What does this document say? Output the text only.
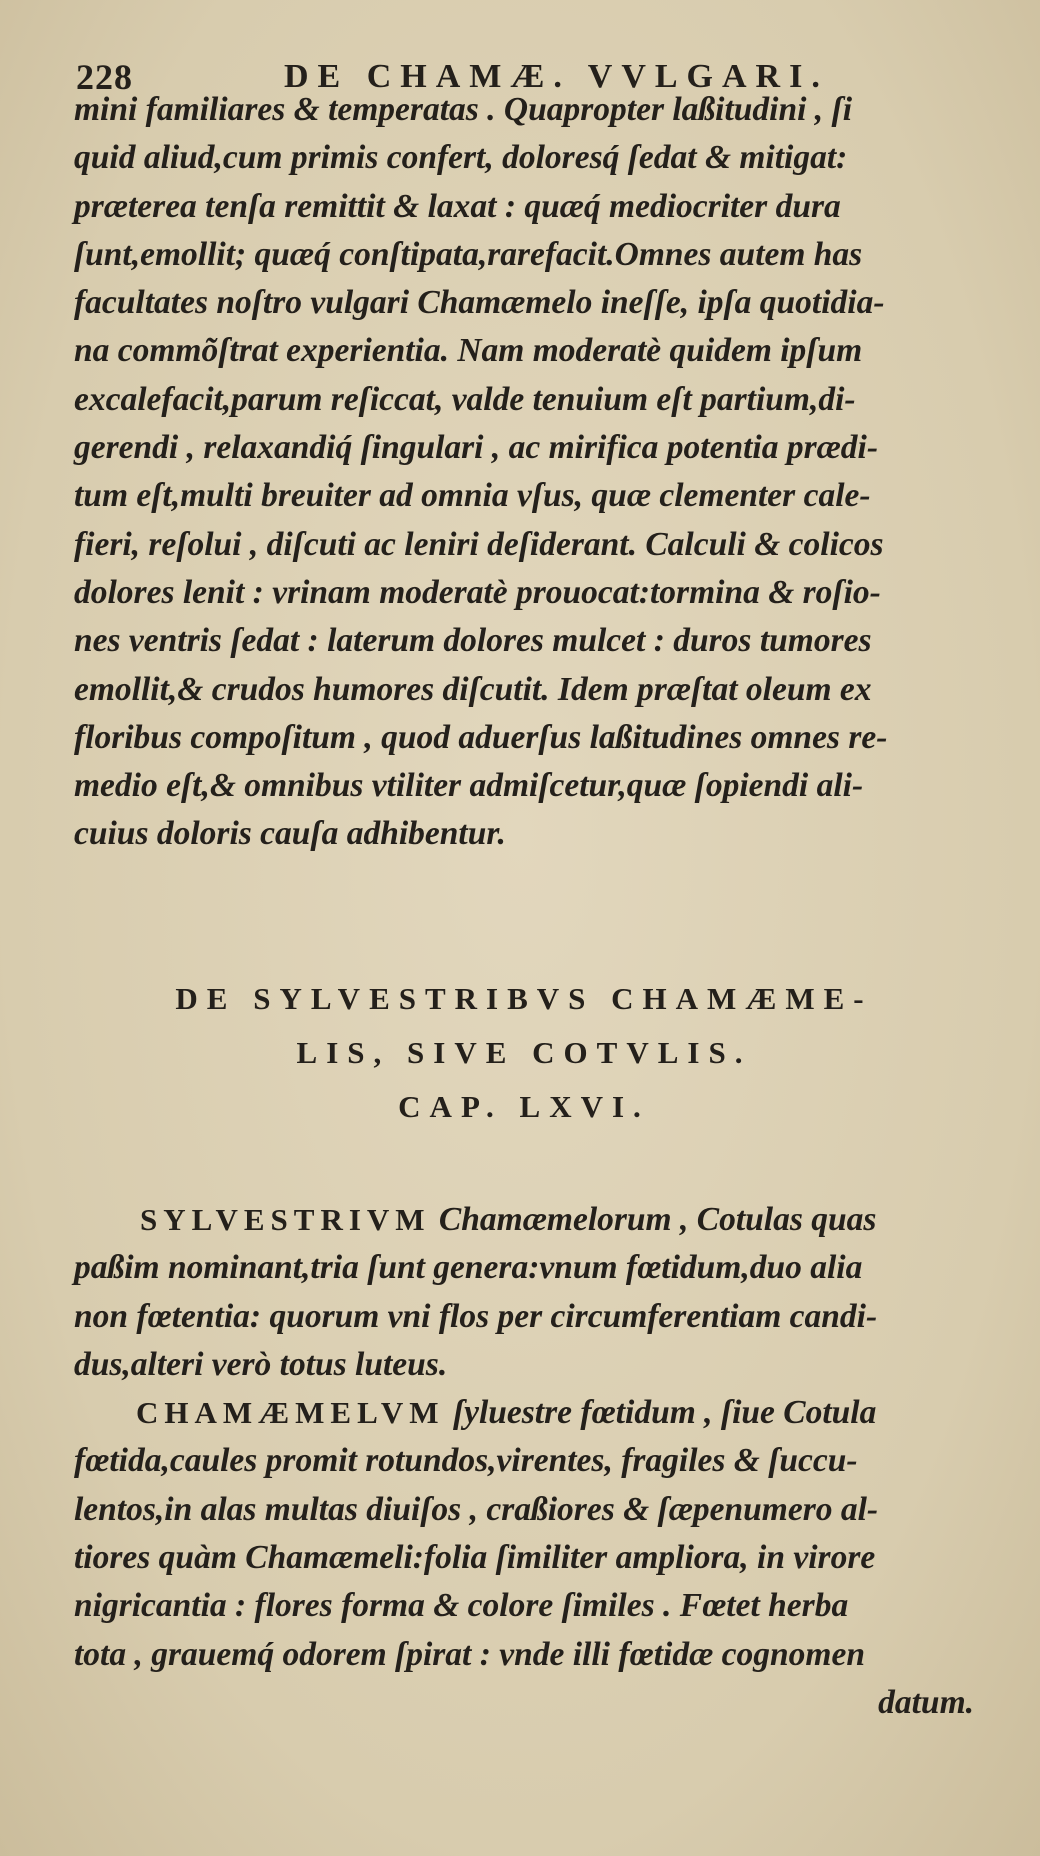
228	DE CHAMÆ. VVLGARI.
mini familiares & temperatas . Quapropter laßitudini , ſi
quid aliud,cum primis confert, doloresq́ ſedat & mitigat:
præterea tenſa remittit & laxat : quæq́ mediocriter dura
ſunt,emollit; quæq́ conſtipata,rarefacit.Omnes autem has
facultates noſtro vulgari Chamæmelo ineſſe, ipſa quotidia-
na commõſtrat experientia. Nam moderatè quidem ipſum
excalefacit,parum reſiccat, valde tenuium eſt partium,di-
gerendi , relaxandiq́ ſingulari , ac mirifica potentia prædi-
tum eſt,multi breuiter ad omnia vſus, quæ clementer cale-
fieri, reſolui , diſcuti ac leniri deſiderant. Calculi & colicos
dolores lenit : vrinam moderatè prouocat:tormina & roſio-
nes ventris ſedat : laterum dolores mulcet : duros tumores
emollit,& crudos humores diſcutit. Idem præſtat oleum ex
floribus compoſitum , quod aduerſus laßitudines omnes re-
medio eſt,& omnibus vtiliter admiſcetur,quæ ſopiendi ali-
cuius doloris cauſa adhibentur.
DE SYLVESTRIBVS CHAMÆME-
LIS, SIVE COTVLIS.
CAP. LXVI.
SYLVESTRIVM Chamæmelorum , Cotulas quas
paßim nominant,tria ſunt genera:vnum fœtidum,duo alia
non fœtentia: quorum vni flos per circumferentiam candi-
dus,alteri verò totus luteus.
CHAMÆMELVM ſyluestre fœtidum , ſiue Cotula
fœtida,caules promit rotundos,virentes, fragiles & ſuccu-
lentos,in alas multas diuiſos , craßiores & ſæpenumero al-
tiores quàm Chamæmeli:folia ſimiliter ampliora, in virore
nigricantia : flores forma & colore ſimiles . Fœtet herba
tota , grauemq́ odorem ſpirat : vnde illi fœtidæ cognomen
datum.
